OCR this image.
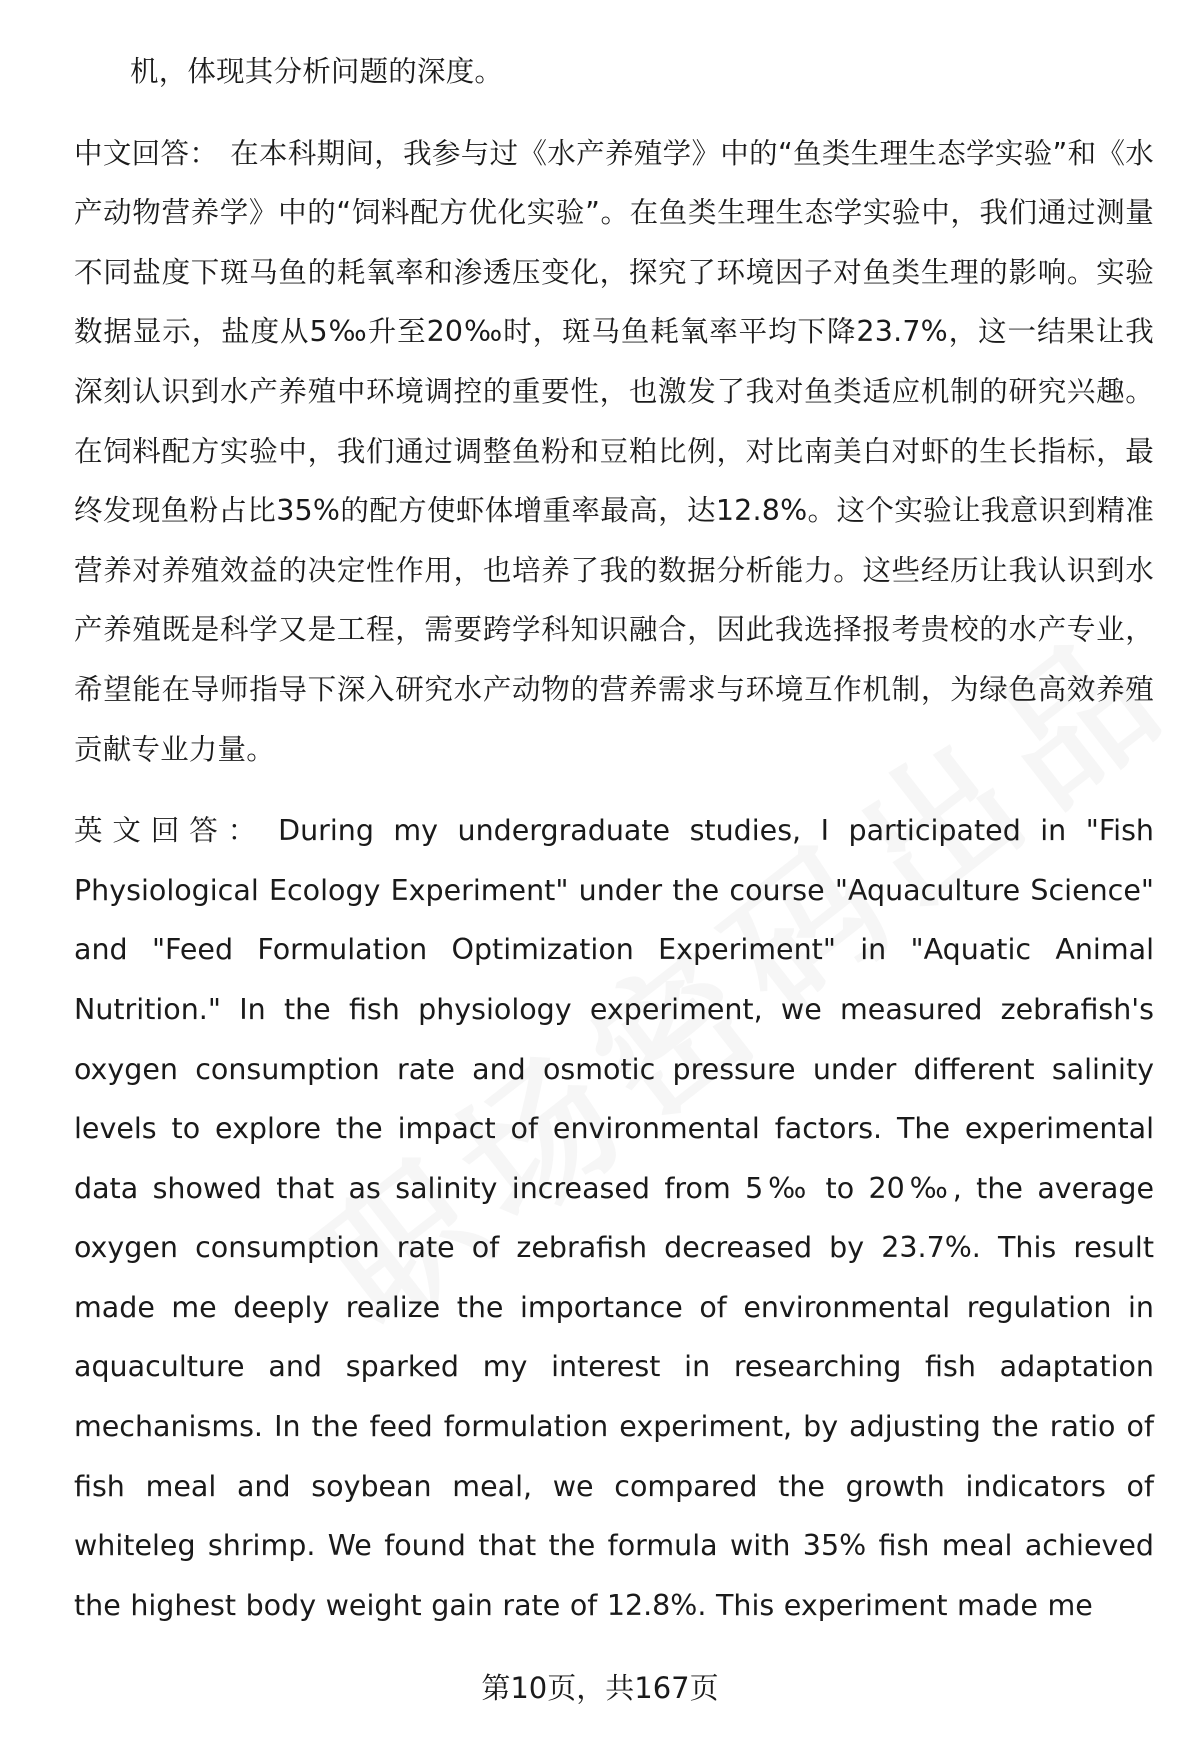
机，体现其分析问题的深度。

中文回答： 在本科期间，我参与过《水产养殖学》中的“鱼类生理生态学实验”和《水产动物营养学》中的“饲料配方优化实验”。在鱼类生理生态学实验中，我们通过测量不同盐度下斑马鱼的耗氧率和渗透压变化，探究了环境因子对鱼类生理的影响。实验数据显示，盐度从5‰升至20‰时，斑马鱼耗氧率平均下降23.7%，这一结果让我深刻认识到水产养殖中环境调控的重要性，也激发了我对鱼类适应机制的研究兴趣。在饲料配方实验中，我们通过调整鱼粉和豆粕比例，对比南美白对虾的生长指标，最终发现鱼粉占比35%的配方使虾体增重率最高，达12.8%。这个实验让我意识到精准营养对养殖效益的决定性作用，也培养了我的数据分析能力。这些经历让我认识到水产养殖既是科学又是工程，需要跨学科知识融合，因此我选择报考贵校的水产专业，希望能在导师指导下深入研究水产动物的营养需求与环境互作机制，为绿色高效养殖贡献专业力量。

英文回答： During my undergraduate studies, I participated in "Fish Physiological Ecology Experiment" under the course "Aquaculture Science" and "Feed Formulation Optimization Experiment" in "Aquatic Animal Nutrition." In the fish physiology experiment, we measured zebrafish's oxygen consumption rate and osmotic pressure under different salinity levels to explore the impact of environmental factors. The experimental data showed that as salinity increased from 5‰ to 20‰, the average oxygen consumption rate of zebrafish decreased by 23.7%. This result made me deeply realize the importance of environmental regulation in aquaculture and sparked my interest in researching fish adaptation mechanisms. In the feed formulation experiment, by adjusting the ratio of fish meal and soybean meal, we compared the growth indicators of whiteleg shrimp. We found that the formula with 35% fish meal achieved the highest body weight gain rate of 12.8%. This experiment made me

第10页，共167页
